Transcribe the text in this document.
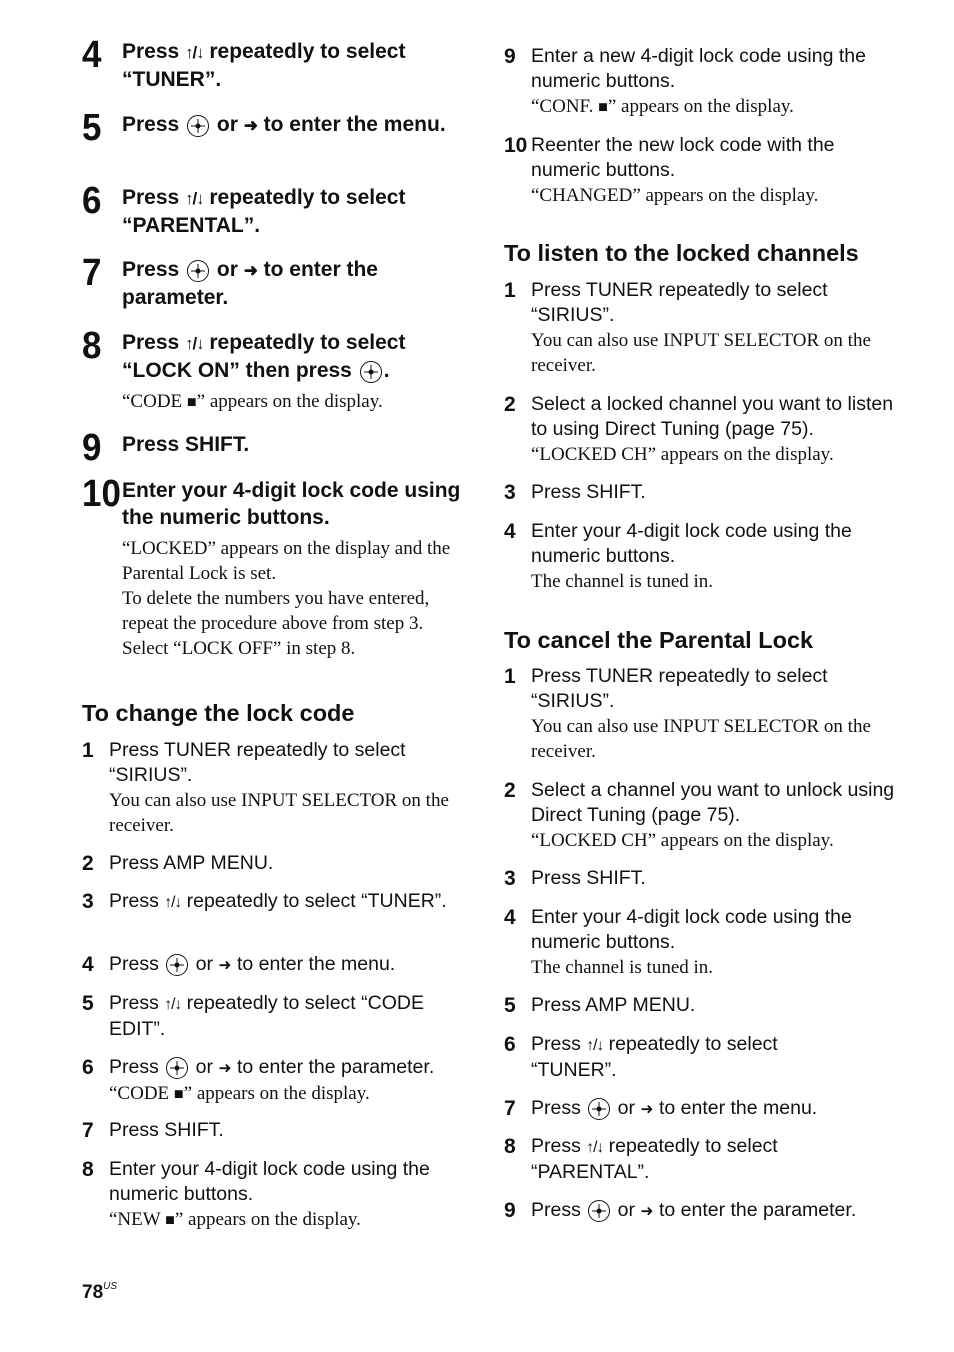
4 Press ↑/↓ repeatedly to select “TUNER”.
5 Press
or ➜ to enter the menu.
6 Press ↑/↓ repeatedly to select “PARENTAL”.
7 Press
or ➜ to enter the parameter.
8 Press ↑/↓ repeatedly to select “LOCK ON” then press
.
“CODE ■” appears on the display.
9 Press SHIFT.
10 Enter your 4-digit lock code using the numeric buttons.
“LOCKED” appears on the display and the Parental Lock is set.
To delete the numbers you have entered, repeat the procedure above from step 3. Select “LOCK OFF” in step 8.
To change the lock code
1 Press TUNER repeatedly to select “SIRIUS”.
You can also use INPUT SELECTOR on the receiver.
2 Press AMP MENU.
3 Press ↑/↓ repeatedly to select “TUNER”.
4 Press
or ➜ to enter the menu.
5 Press ↑/↓ repeatedly to select “CODE EDIT”.
6 Press
or ➜ to enter the parameter.
“CODE ■” appears on the display.
7 Press SHIFT.
8 Enter your 4-digit lock code using the numeric buttons.
“NEW ■” appears on the display.
9 Enter a new 4-digit lock code using the numeric buttons.
“CONF. ■” appears on the display.
10 Reenter the new lock code with the numeric buttons.
“CHANGED” appears on the display.
To listen to the locked channels
1 Press TUNER repeatedly to select “SIRIUS”.
You can also use INPUT SELECTOR on the receiver.
2 Select a locked channel you want to listen to using Direct Tuning (page 75).
“LOCKED CH” appears on the display.
3 Press SHIFT.
4 Enter your 4-digit lock code using the numeric buttons.
The channel is tuned in.
To cancel the Parental Lock
1 Press TUNER repeatedly to select “SIRIUS”.
You can also use INPUT SELECTOR on the receiver.
2 Select a channel you want to unlock using Direct Tuning (page 75).
“LOCKED CH” appears on the display.
3 Press SHIFT.
4 Enter your 4-digit lock code using the numeric buttons.
The channel is tuned in.
5 Press AMP MENU.
6 Press ↑/↓ repeatedly to select “TUNER”.
7 Press
or ➜ to enter the menu.
8 Press ↑/↓ repeatedly to select “PARENTAL”.
9 Press
or ➜ to enter the parameter.
$78^{US}$
